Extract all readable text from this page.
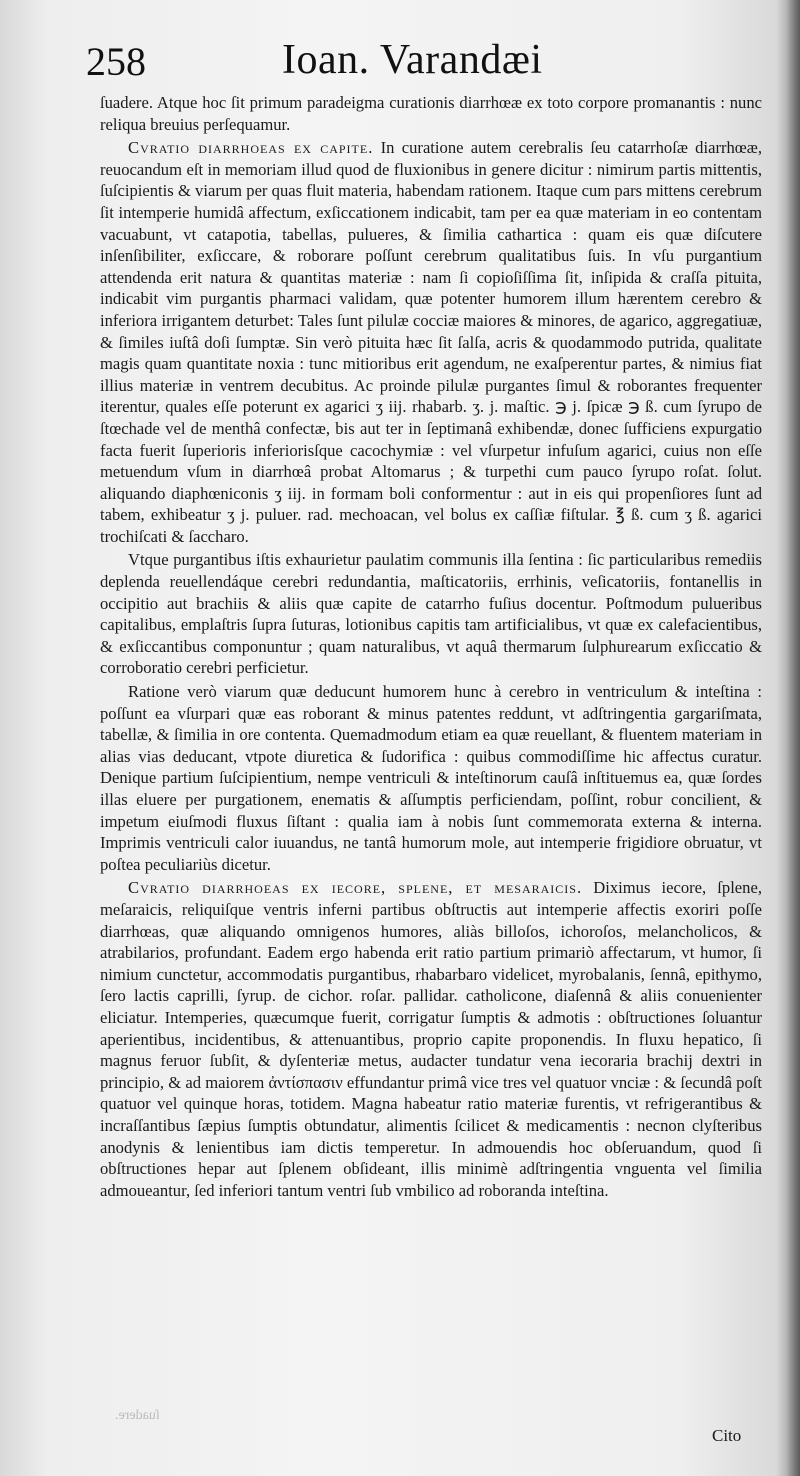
258	Ioan. Varandæi

ſuadere. Atque hoc ſit primum paradeigma curationis diarrhœæ ex toto corpore promanantis : nunc reliqua breuius perſequamur.

Cvratio diarrhoeas ex capite. In curatione autem cerebralis ſeu catarrhoſæ diarrhœæ, reuocandum eſt in memoriam illud quod de fluxionibus in genere dicitur : nimirum partis mittentis, ſuſcipientis & viarum per quas fluit materia, habendam rationem. Itaque cum pars mittens cerebrum ſit intemperie humidâ affectum, exſiccationem indicabit, tam per ea quæ materiam in eo contentam vacuabunt, vt catapotia, tabellas, pulueres, & ſimilia cathartica : quam eis quæ diſcutere inſenſibiliter, exſiccare, & roborare poſſunt cerebrum qualitatibus ſuis. In vſu purgantium attendenda erit natura & quantitas materiæ : nam ſi copioſiſſima ſit, inſipida & craſſa pituita, indicabit vim purgantis pharmaci validam, quæ potenter humorem illum hærentem cerebro & inferiora irrigantem deturbet: Tales ſunt pilulæ cocciæ maiores & minores, de agarico, aggregatiuæ, & ſimiles iuſtâ doſi ſumptæ. Sin verò pituita hæc ſit ſalſa, acris & quodammodo putrida, qualitate magis quam quantitate noxia : tunc mitioribus erit agendum, ne exaſperentur partes, & nimius fiat illius materiæ in ventrem decubitus. Ac proinde pilulæ purgantes ſimul & roborantes frequenter iterentur, quales eſſe poterunt ex agarici ʒ iij. rhabarb. ʒ. j. maſtic. ℈ j. ſpicæ ℈ ß. cum ſyrupo de ſtœchade vel de menthâ confectæ, bis aut ter in ſeptimanâ exhibendæ, donec ſufficiens expurgatio facta fuerit ſuperioris inferiorisſque cacochymiæ : vel vſurpetur infuſum agarici, cuius non eſſe metuendum vſum in diarrhœâ probat Altomarus ; & turpethi cum pauco ſyrupo roſat. ſolut. aliquando diaphœniconis ʒ iij. in formam boli conformentur : aut in eis qui propenſiores ſunt ad tabem, exhibeatur ʒ j. puluer. rad. mechoacan, vel bolus ex caſſiæ fiſtular. ℥ ß. cum ʒ ß. agarici trochiſcati & ſaccharo.

Vtque purgantibus iſtis exhaurietur paulatim communis illa ſentina : ſic particularibus remediis deplenda reuellendáque cerebri redundantia, maſticatoriis, errhinis, veſicatoriis, fontanellis in occipitio aut brachiis & aliis quæ capite de catarrho fuſius docentur. Poſtmodum pulueribus capitalibus, emplaſtris ſupra ſuturas, lotionibus capitis tam artificialibus, vt quæ ex calefacientibus, & exſiccantibus componuntur ; quam naturalibus, vt aquâ thermarum ſulphurearum exſiccatio & corroboratio cerebri perficietur.

Ratione verò viarum quæ deducunt humorem hunc à cerebro in ventriculum & inteſtina : poſſunt ea vſurpari quæ eas roborant & minus patentes reddunt, vt adſtringentia gargariſmata, tabellæ, & ſimilia in ore contenta. Quemadmodum etiam ea quæ reuellant, & fluentem materiam in alias vias deducant, vtpote diuretica & ſudorifica : quibus commodiſſime hic affectus curatur. Denique partium ſuſcipientium, nempe ventriculi & inteſtinorum cauſâ inſtituemus ea, quæ ſordes illas eluere per purgationem, enematis & aſſumptis perficiendam, poſſint, robur concilient, & impetum eiuſmodi fluxus ſiſtant : qualia iam à nobis ſunt commemorata externa & interna. Imprimis ventriculi calor iuuandus, ne tantâ humorum mole, aut intemperie frigidiore obruatur, vt poſtea peculiariùs dicetur.

Cvratio diarrhoeas ex iecore, splene, et mesaraicis. Diximus iecore, ſplene, meſaraicis, reliquiſque ventris inferni partibus obſtructis aut intemperie affectis exoriri poſſe diarrhœas, quæ aliquando omnigenos humores, aliàs billoſos, ichoroſos, melancholicos, & atrabilarios, profundant. Eadem ergo habenda erit ratio partium primariò affectarum, vt humor, ſi nimium cunctetur, accommodatis purgantibus, rhabarbaro videlicet, myrobalanis, ſennâ, epithymo, ſero lactis caprilli, ſyrup. de cichor. roſar. pallidar. catholicone, diaſennâ & aliis conuenienter eliciatur. Intemperies, quæcumque fuerit, corrigatur ſumptis & admotis : obſtructiones ſoluantur aperientibus, incidentibus, & attenuantibus, proprio capite proponendis. In fluxu hepatico, ſi magnus feruor ſubſit, & dyſenteriæ metus, audacter tundatur vena iecoraria brachij dextri in principio, & ad maiorem ἀντίσπασιν effundantur primâ vice tres vel quatuor vnciæ : & ſecundâ poſt quatuor vel quinque horas, totidem. Magna habeatur ratio materiæ furentis, vt refrigerantibus & incraſſantibus ſæpius ſumptis obtundatur, alimentis ſcilicet & medicamentis : necnon clyſteribus anodynis & lenientibus iam dictis temperetur. In admouendis hoc obſeruandum, quod ſi obſtructiones hepar aut ſplenem obſideant, illis minimè adſtringentia vnguenta vel ſimilia admoueantur, ſed inferiori tantum ventri ſub vmbilico ad roboranda inteſtina.

ſuadere.
Cito
